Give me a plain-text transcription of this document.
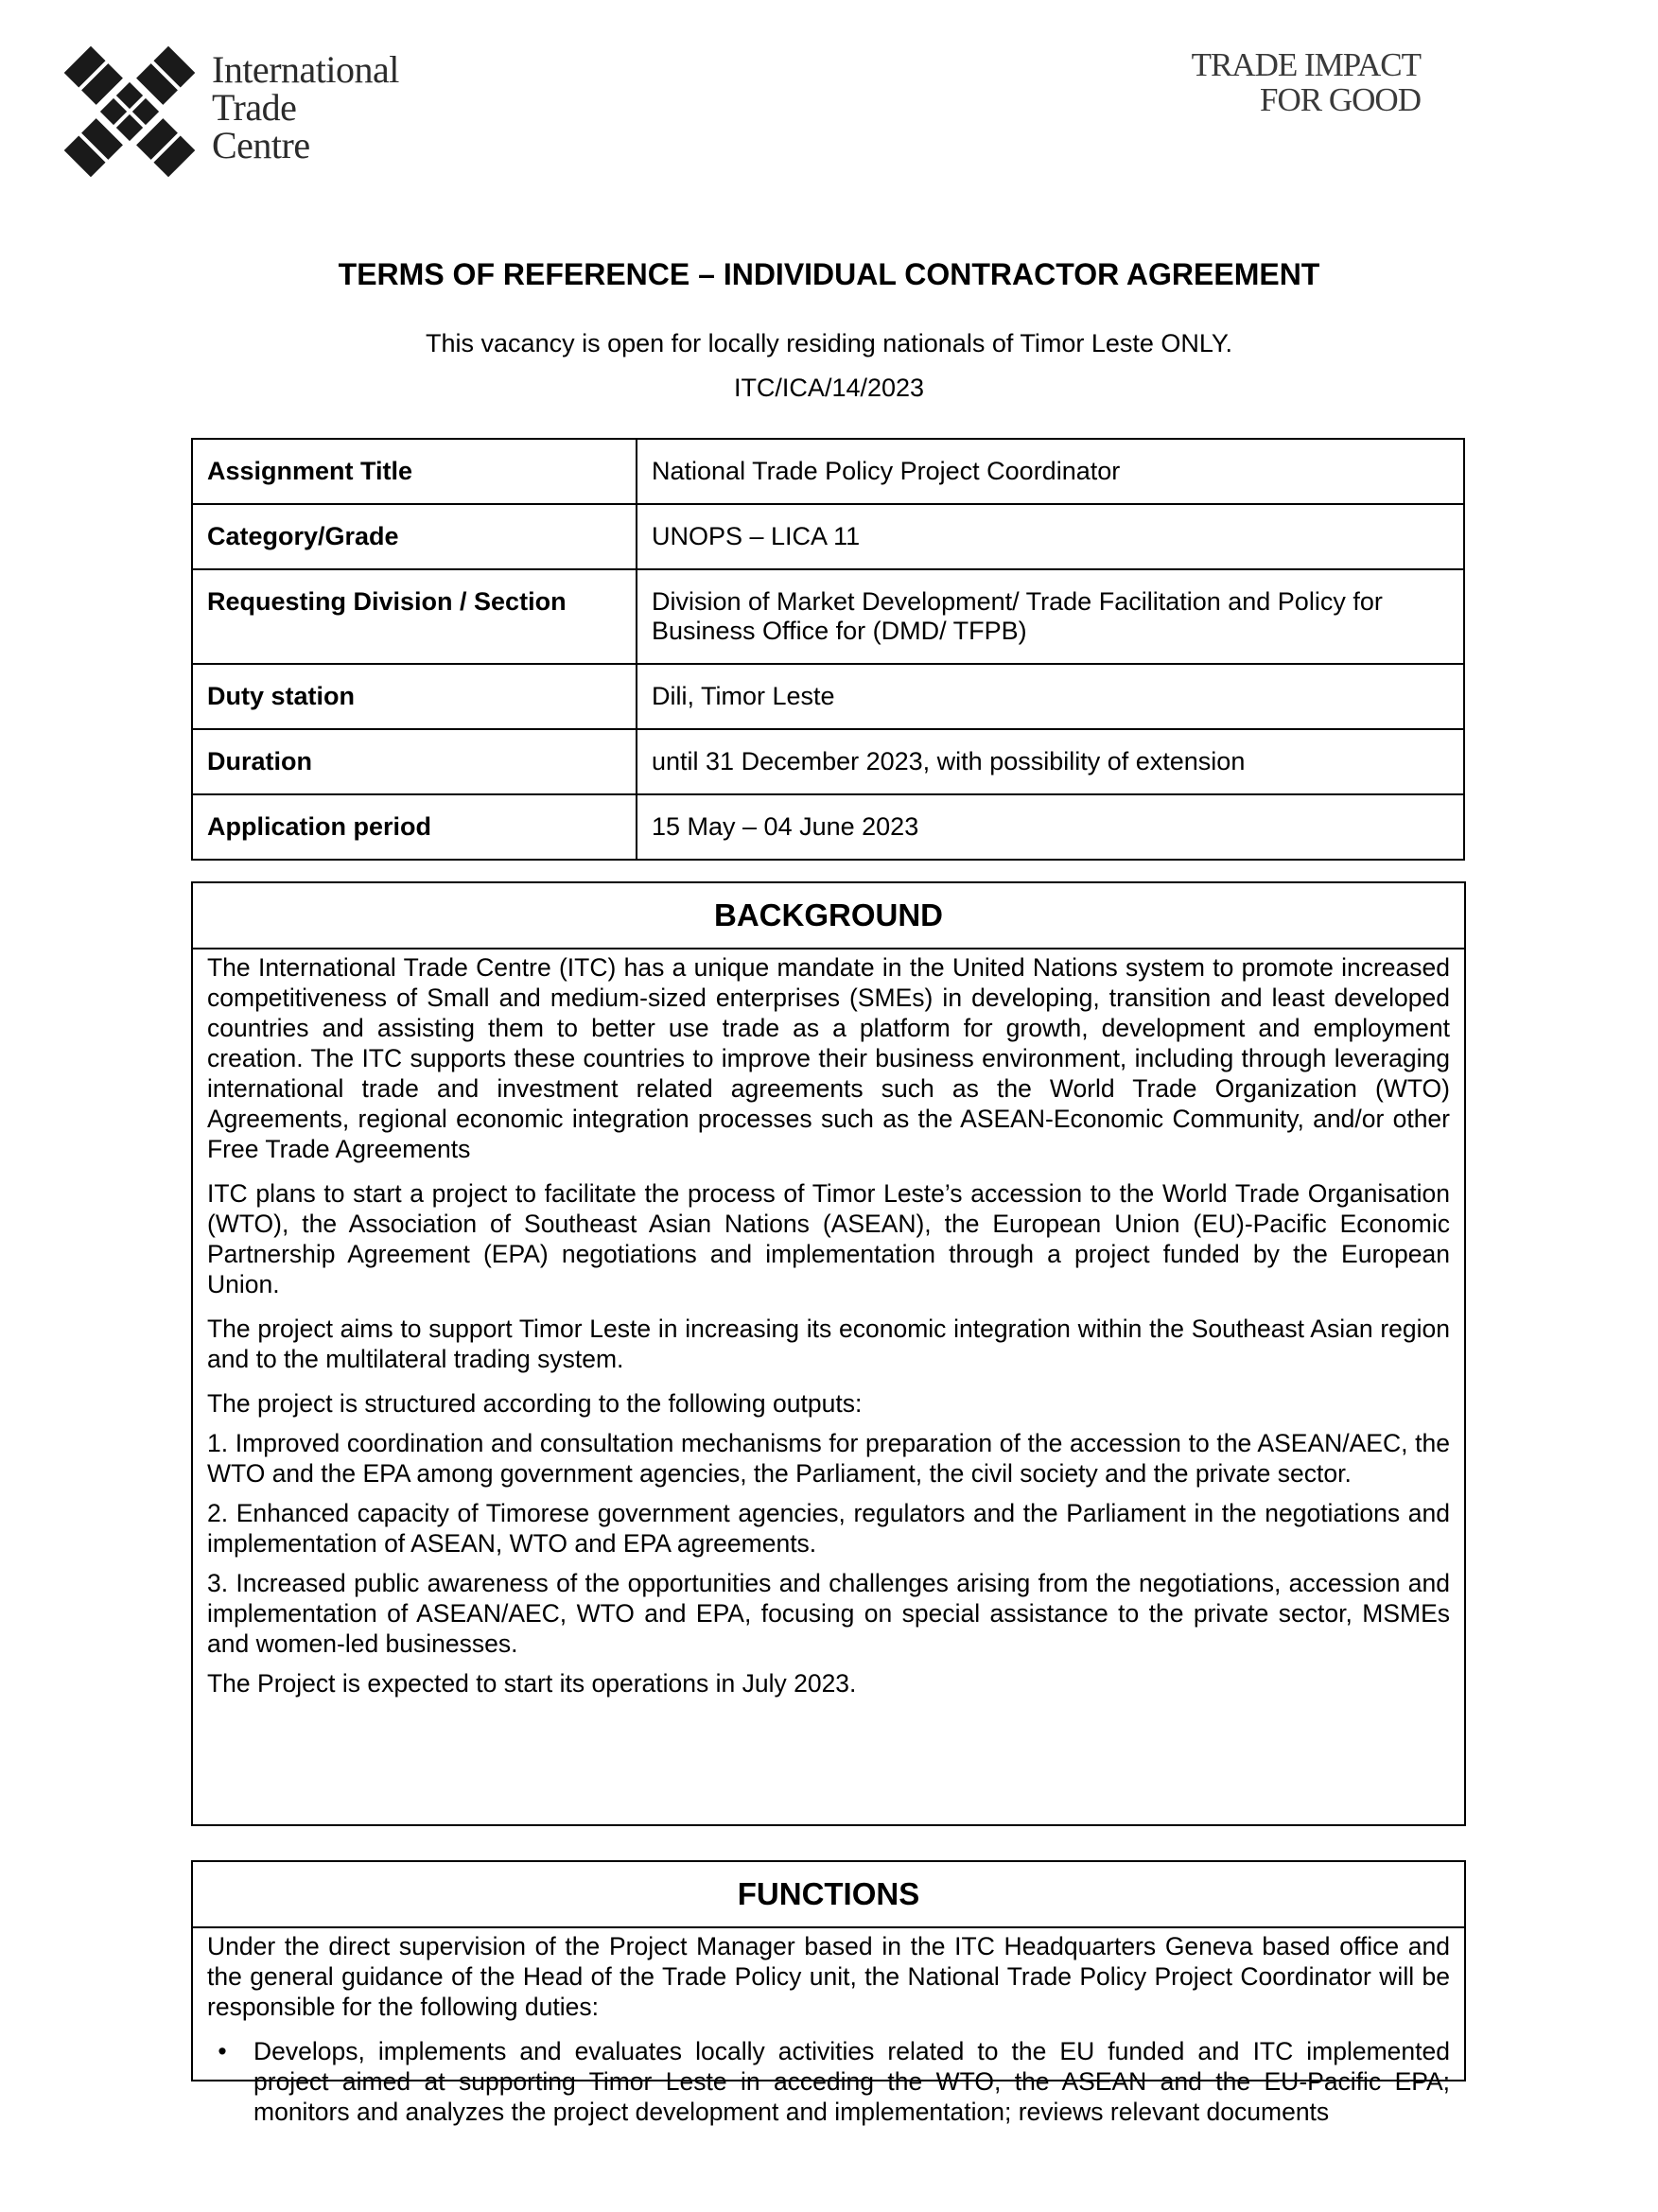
International
Trade
Centre
TRADE IMPACT
FOR GOOD
TERMS OF REFERENCE – INDIVIDUAL CONTRACTOR AGREEMENT
This vacancy is open for locally residing nationals of Timor Leste ONLY.
ITC/ICA/14/2023
Assignment Title	National Trade Policy Project Coordinator
Category/Grade	UNOPS – LICA 11
Requesting Division / Section	Division of Market Development/ Trade Facilitation and Policy for Business Office for (DMD/ TFPB)
Duty station	Dili, Timor Leste
Duration	until 31 December 2023, with possibility of extension
Application period	15 May – 04 June 2023
BACKGROUND

The International Trade Centre (ITC) has a unique mandate in the United Nations system to promote increased competitiveness of Small and medium-sized enterprises (SMEs) in developing, transition and least developed countries and assisting them to better use trade as a platform for growth, development and employment creation. The ITC supports these countries to improve their business environment, including through leveraging international trade and investment related agreements such as the World Trade Organization (WTO) Agreements, regional economic integration processes such as the ASEAN-Economic Community, and/or other Free Trade Agreements

ITC plans to start a project to facilitate the process of Timor Leste’s accession to the World Trade Organisation (WTO), the Association of Southeast Asian Nations (ASEAN), the European Union (EU)-Pacific Economic Partnership Agreement (EPA) negotiations and implementation through a project funded by the European Union.

The project aims to support Timor Leste in increasing its economic integration within the Southeast Asian region and to the multilateral trading system.

The project is structured according to the following outputs:

1. Improved coordination and consultation mechanisms for preparation of the accession to the ASEAN/AEC, the WTO and the EPA among government agencies, the Parliament, the civil society and the private sector.

2. Enhanced capacity of Timorese government agencies, regulators and the Parliament in the negotiations and implementation of ASEAN, WTO and EPA agreements.

3. Increased public awareness of the opportunities and challenges arising from the negotiations, accession and implementation of ASEAN/AEC, WTO and EPA, focusing on special assistance to the private sector, MSMEs and women-led businesses.

The Project is expected to start its operations in July 2023.

FUNCTIONS

Under the direct supervision of the Project Manager based in the ITC Headquarters Geneva based office and the general guidance of the Head of the Trade Policy unit, the National Trade Policy Project Coordinator will be responsible for the following duties:

• Develops, implements and evaluates locally activities related to the EU funded and ITC implemented project aimed at supporting Timor Leste in acceding the WTO, the ASEAN and the EU-Pacific EPA; monitors and analyzes the project development and implementation; reviews relevant documents
